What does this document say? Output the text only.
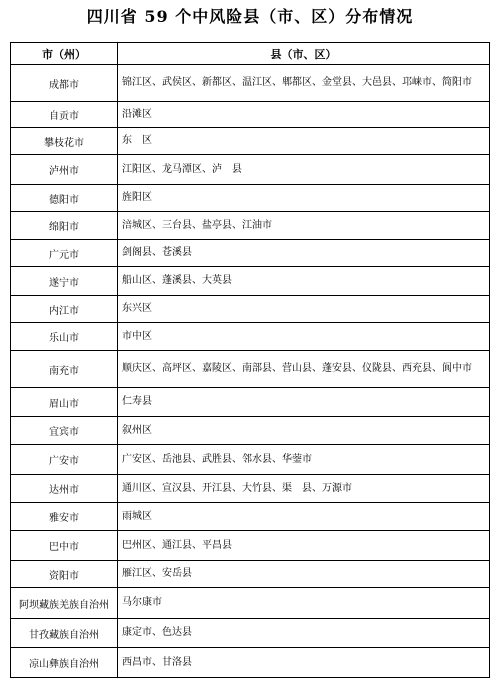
四川省 59 个中风险县（市、区）分布情况
市（州）	县（市、区）
成都市	锦江区、武侯区、新都区、温江区、郫都区、金堂县、大邑县、邛崃市、简阳市
自贡市	沿滩区
攀枝花市	东　区
泸州市	江阳区、龙马潭区、泸　县
德阳市	旌阳区
绵阳市	涪城区、三台县、盐亭县、江油市
广元市	剑阁县、苍溪县
遂宁市	船山区、蓬溪县、大英县
内江市	东兴区
乐山市	市中区
南充市	顺庆区、高坪区、嘉陵区、南部县、营山县、蓬安县、仪陇县、西充县、阆中市
眉山市	仁寿县
宜宾市	叙州区
广安市	广安区、岳池县、武胜县、邻水县、华蓥市
达州市	通川区、宣汉县、开江县、大竹县、渠　县、万源市
雅安市	雨城区
巴中市	巴州区、通江县、平昌县
资阳市	雁江区、安岳县
阿坝藏族羌族自治州	马尔康市
甘孜藏族自治州	康定市、色达县
凉山彝族自治州	西昌市、甘洛县
